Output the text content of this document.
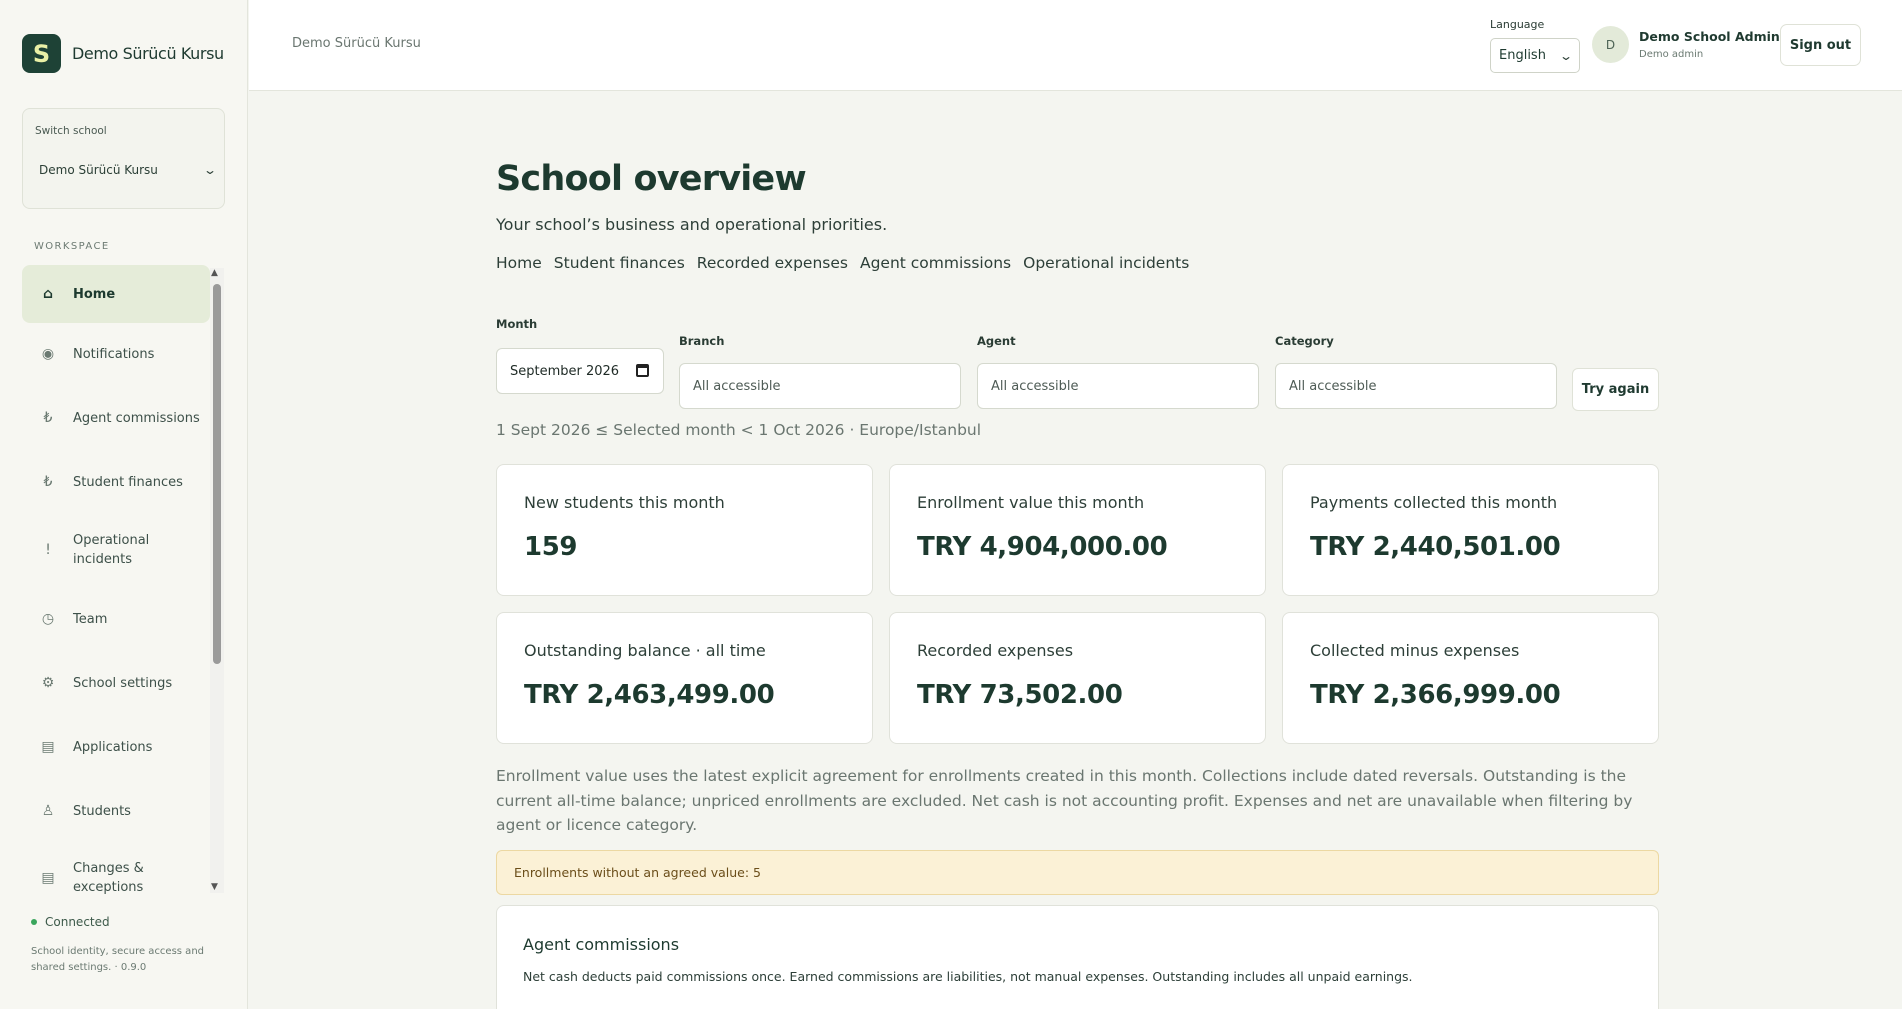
S	Demo Sürücü Kursu
Switch school
Demo Sürücü Kursu	⌄
WORKSPACE
⌂	Home
◉ Notifications
₺	Agent commissions
₺	Student finances
!
Operational incidents
◷ Team
⚙ School settings
▤ Applications
♙ Students
▤
Changes & exceptions
▲
▼
Connected
School identity, secure access and shared settings. · 0.9.0
Demo Sürücü Kursu
Language
English ⌄
D
Demo School Admin
Demo admin
Sign out
School overview
Your school’s business and operational priorities.
Home Student finances Recorded expenses Agent commissions Operational incidents
Month
September 2026
Branch
All accessible
Agent
All accessible
Category
All accessible	Try again
1 Sept 2026 ≤ Selected month < 1 Oct 2026 · Europe/Istanbul
New students this month
159
Enrollment value this month
TRY 4,904,000.00
Payments collected this month
TRY 2,440,501.00
Outstanding balance · all time
TRY 2,463,499.00
Recorded expenses
TRY 73,502.00
Collected minus expenses
TRY 2,366,999.00

Enrollment value uses the latest explicit agreement for enrollments created in this month. Collections include dated reversals. Outstanding is the current all-time balance; unpriced enrollments are excluded. Net cash is not accounting profit. Expenses and net are unavailable when filtering by agent or licence category.

Enrollments without an agreed value: 5
Agent commissions
Net cash deducts paid commissions once. Earned commissions are liabilities, not manual expenses. Outstanding includes all unpaid earnings.
